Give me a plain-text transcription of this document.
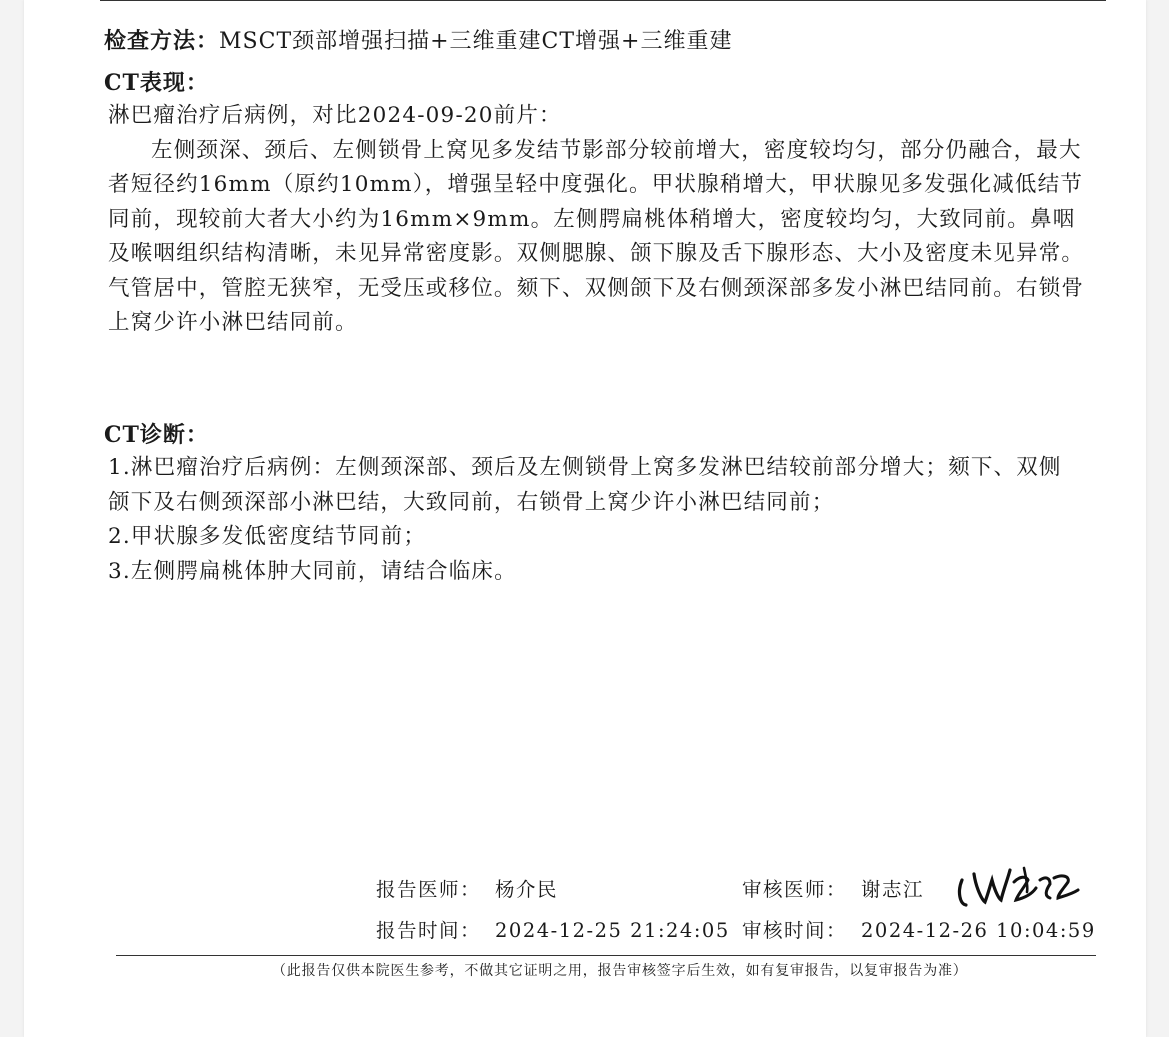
检查方法：MSCT颈部增强扫描+三维重建CT增强+三维重建
CT表现：

淋巴瘤治疗后病例，对比2024-09-20前片：

左侧颈深、颈后、左侧锁骨上窝见多发结节影部分较前增大，密度较均匀，部分仍融合，最大者短径约16mm（原约10mm），增强呈轻中度强化。甲状腺稍增大，甲状腺见多发强化减低结节同前，现较前大者大小约为16mm×9mm。左侧腭扁桃体稍增大，密度较均匀，大致同前。鼻咽及喉咽组织结构清晰，未见异常密度影。双侧腮腺、颌下腺及舌下腺形态、大小及密度未见异常。气管居中，管腔无狭窄，无受压或移位。颏下、双侧颌下及右侧颈深部多发小淋巴结同前。右锁骨上窝少许小淋巴结同前。

CT诊断：

1.淋巴瘤治疗后病例：左侧颈深部、颈后及左侧锁骨上窝多发淋巴结较前部分增大；颏下、双侧颌下及右侧颈深部小淋巴结，大致同前，右锁骨上窝少许小淋巴结同前；

2.甲状腺多发低密度结节同前；

3.左侧腭扁桃体肿大同前，请结合临床。

报告医师： 杨介民	审核医师： 谢志江
报告时间： 2024-12-25 21:24:05 审核时间： 2024-12-26 10:04:59
（此报告仅供本院医生参考，不做其它证明之用，报告审核签字后生效，如有复审报告，以复审报告为准）
